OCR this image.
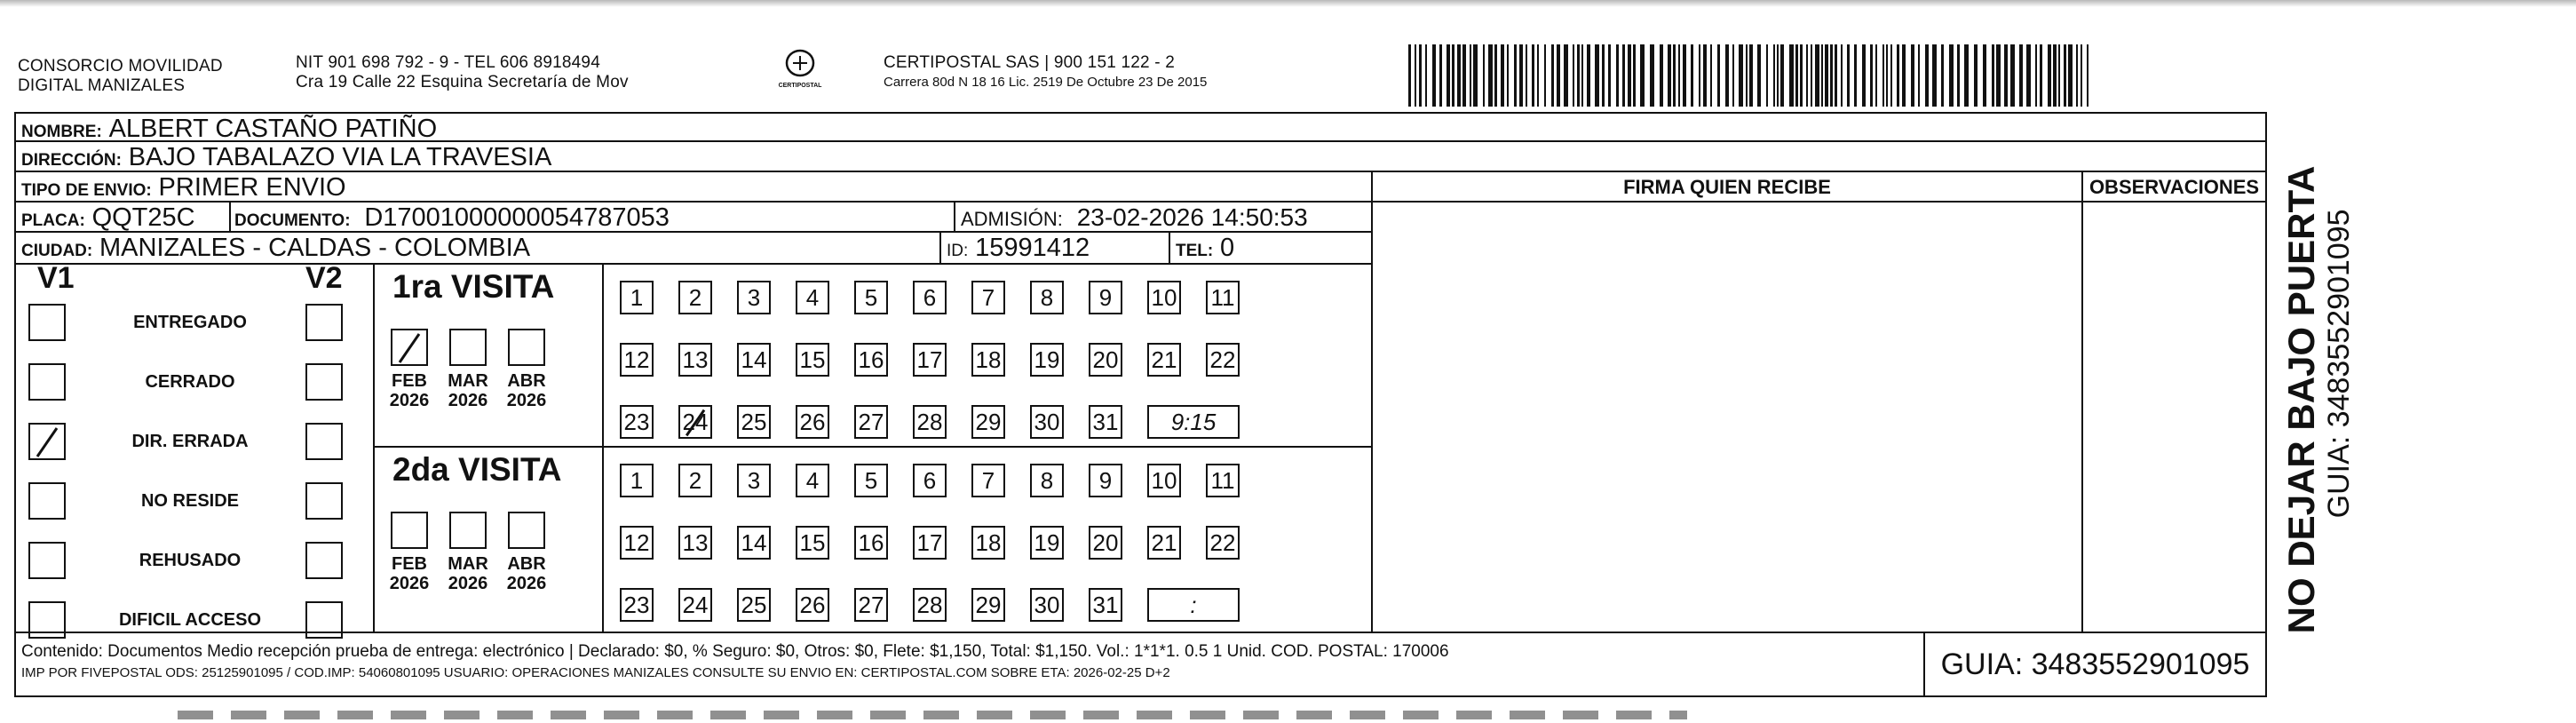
CONSORCIO MOVILIDAD
DIGITAL MANIZALES
NIT 901 698 792 - 9 - TEL 606 8918494
Cra 19 Calle 22 Esquina Secretaría de Mov	CERTIPOSTAL
CERTIPOSTAL SAS | 900 151 122 - 2
Carrera 80d N 18 16 Lic. 2519 De Octubre 23 De 2015
NOMBRE: ALBERT CASTAÑO PATIÑO
DIRECCIÓN: BAJO TABALAZO VIA LA TRAVESIA
TIPO DE ENVIO: PRIMER ENVIO
PLACA: QQT25C	DOCUMENTO: D17001000000054787053	ADMISIÓN: 23-02-2026 14:50:53
CIUDAD: MANIZALES - CALDAS - COLOMBIA	ID: 15991412	TEL: 0
V1	V2
ENTREGADO
CERRADO
DIR. ERRADA
NO RESIDE
REHUSADO
DIFICIL ACCESO
1ra VISITA
FEB
2026
MAR
2026
ABR
2026
1	2	3	4	5	6	7	8	9	10 11
12 13 14 15 16 17 18 19 20 21 22
23 24 25 26 27 28 29 30 31	9:15
2da VISITA
FEB
2026
MAR
2026
ABR
2026
1	2	3	4	5	6	7	8	9	10 11
12 13 14 15 16 17 18 19 20 21 22
23 24 25 26 27 28 29 30 31	:
FIRMA QUIEN RECIBE	OBSERVACIONES
Contenido: Documentos Medio recepción prueba de entrega: electrónico | Declarado: $0, % Seguro: $0, Otros: $0, Flete: $1,150, Total: $1,150. Vol.: 1*1*1. 0.5 1 Unid. COD. POSTAL: 170006
IMP POR FIVEPOSTAL ODS: 25125901095 / COD.IMP: 54060801095 USUARIO: OPERACIONES MANIZALES CONSULTE SU ENVIO EN: CERTIPOSTAL.COM SOBRE ETA: 2026-02-25 D+2	GUIA: 3483552901095
NO DEJAR BAJO PUERTA GUIA: 3483552901095
